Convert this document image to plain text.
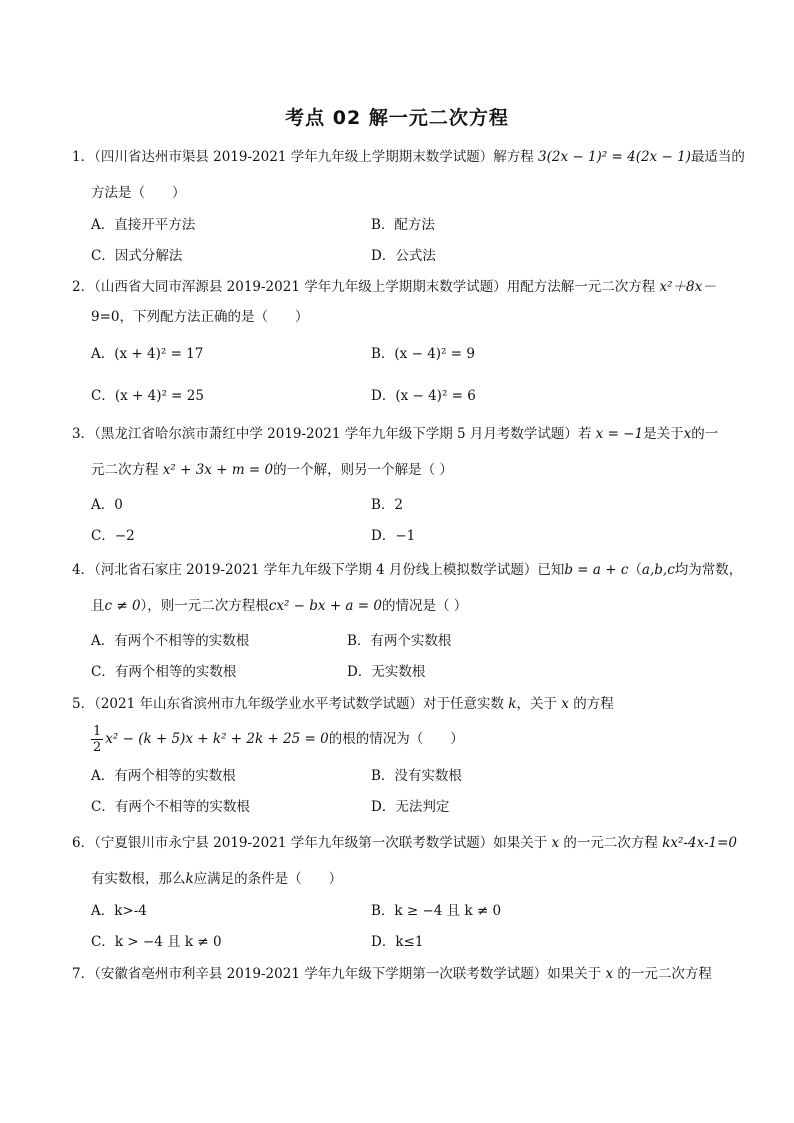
考点 02 解一元二次方程
1．（四川省达州市渠县 2019-2021 学年九年级上学期期末数学试题）解方程 3(2x − 1)² = 4(2x − 1)最适当的
方法是（　　）
A．直接开平方法	B．配方法
C．因式分解法	D．公式法
2．（山西省大同市浑源县 2019-2021 学年九年级上学期期末数学试题）用配方法解一元二次方程 x²＋8x－
9=0，下列配方法正确的是（　　）
A．(x + 4)² = 17	B．(x − 4)² = 9
C．(x + 4)² = 25	D．(x − 4)² = 6
3．（黑龙江省哈尔滨市萧红中学 2019-2021 学年九年级下学期 5 月月考数学试题）若 x = −1是关于x的一
元二次方程 x² + 3x + m = 0的一个解，则另一个解是（ ）
A．0	B．2
C．−2	D．−1
4．（河北省石家庄 2019-2021 学年九年级下学期 4 月份线上模拟数学试题）已知b = a + c（a,b,c均为常数，
且c ≠ 0），则一元二次方程根cx² − bx + a = 0的情况是（ ）
A．有两个不相等的实数根	B．有两个实数根
C．有两个相等的实数根	D．无实数根
5．（2021 年山东省滨州市九年级学业水平考试数学试题）对于任意实数 k，关于 x 的方程
$\frac{1}{2} x^2 - (k + 5)x + k^2 + 2k + 25 = 0$的根的情况为（　　）
A．有两个相等的实数根	B．没有实数根
C．有两个不相等的实数根	D．无法判定
6．（宁夏银川市永宁县 2019-2021 学年九年级第一次联考数学试题）如果关于 x 的一元二次方程 kx²-4x-1=0
有实数根，那么k应满足的条件是（　　）
A．k>-4	B．k ≥ −4 且 k ≠ 0
C．k > −4 且 k ≠ 0	D．k≤1
7．（安徽省亳州市利辛县 2019-2021 学年九年级下学期第一次联考数学试题）如果关于 x 的一元二次方程
